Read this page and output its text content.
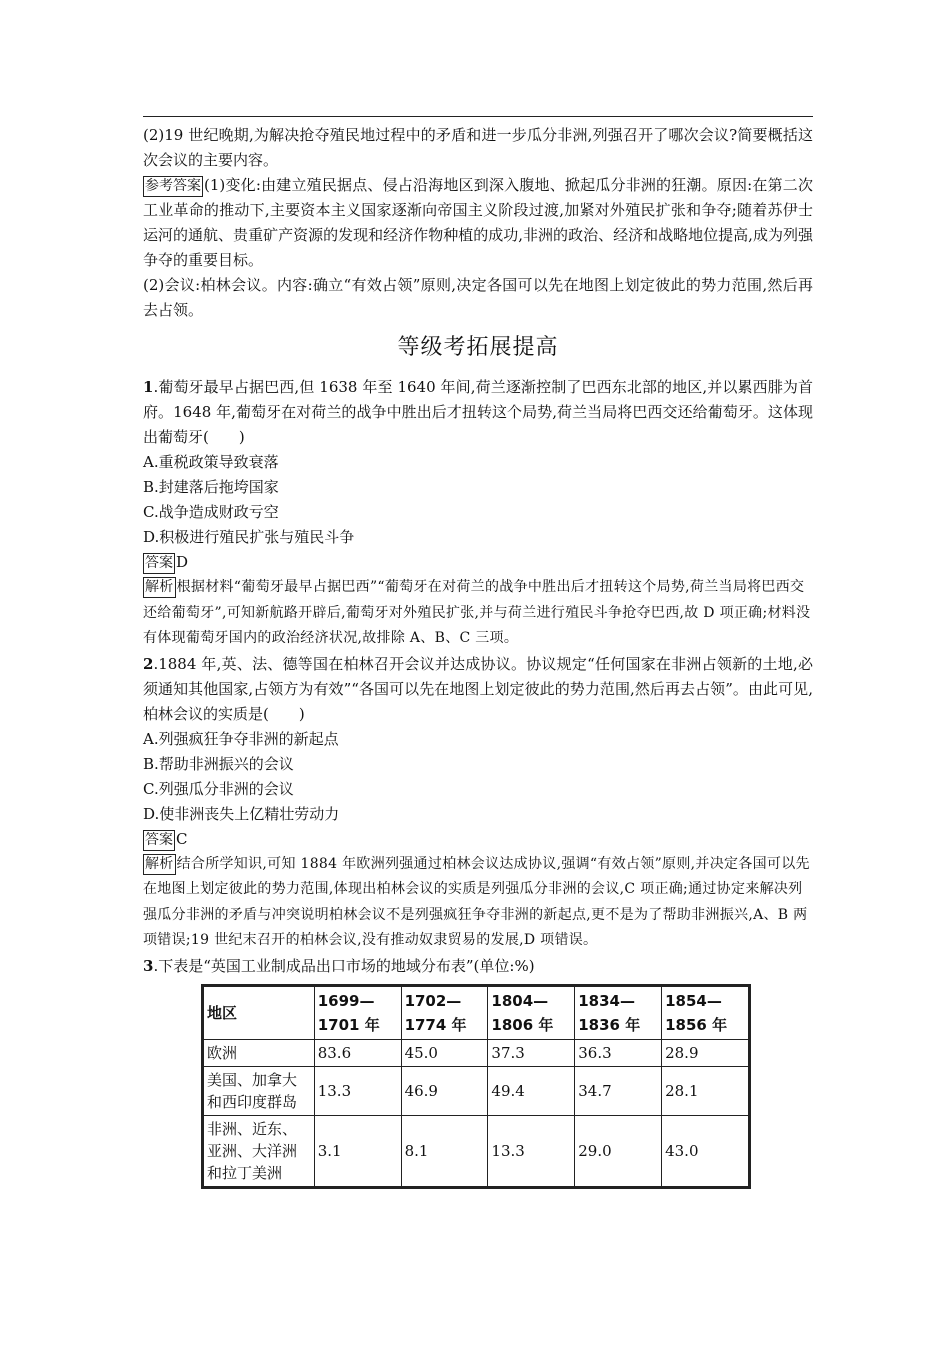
(2)19 世纪晚期,为解决抢夺殖民地过程中的矛盾和进一步瓜分非洲,列强召开了哪次会议?简要概括这次会议的主要内容。

参考答案 (1)变化:由建立殖民据点、侵占沿海地区到深入腹地、掀起瓜分非洲的狂潮。原因:在第二次工业革命的推动下,主要资本主义国家逐渐向帝国主义阶段过渡,加紧对外殖民扩张和争夺;随着苏伊士运河的通航、贵重矿产资源的发现和经济作物种植的成功,非洲的政治、经济和战略地位提高,成为列强争夺的重要目标。

(2)会议:柏林会议。内容:确立“有效占领”原则,决定各国可以先在地图上划定彼此的势力范围,然后再去占领。

等级考拓展提高

1.葡萄牙最早占据巴西,但 1638 年至 1640 年间,荷兰逐渐控制了巴西东北部的地区,并以累西腓为首府。1648 年,葡萄牙在对荷兰的战争中胜出后才扭转这个局势,荷兰当局将巴西交还给葡萄牙。这体现出葡萄牙(　　)

A.重税政策导致衰落

B.封建落后拖垮国家

C.战争造成财政亏空

D.积极进行殖民扩张与殖民斗争

答案 D

解析 根据材料“葡萄牙最早占据巴西”“葡萄牙在对荷兰的战争中胜出后才扭转这个局势,荷兰当局将巴西交还给葡萄牙”,可知新航路开辟后,葡萄牙对外殖民扩张,并与荷兰进行殖民斗争抢夺巴西,故 D 项正确;材料没有体现葡萄牙国内的政治经济状况,故排除 A、B、C 三项。

2.1884 年,英、法、德等国在柏林召开会议并达成协议。协议规定“任何国家在非洲占领新的土地,必须通知其他国家,占领方为有效”“各国可以先在地图上划定彼此的势力范围,然后再去占领”。由此可见,柏林会议的实质是(　　)

A.列强疯狂争夺非洲的新起点

B.帮助非洲振兴的会议

C.列强瓜分非洲的会议

D.使非洲丧失上亿精壮劳动力

答案 C

解析 结合所学知识,可知 1884 年欧洲列强通过柏林会议达成协议,强调“有效占领”原则,并决定各国可以先在地图上划定彼此的势力范围,体现出柏林会议的实质是列强瓜分非洲的会议,C 项正确;通过协定来解决列强瓜分非洲的矛盾与冲突说明柏林会议不是列强疯狂争夺非洲的新起点,更不是为了帮助非洲振兴,A、B 两项错误;19 世纪末召开的柏林会议,没有推动奴隶贸易的发展,D 项错误。

3.下表是“英国工业制成品出口市场的地域分布表”(单位:%)

地区	1699—1701 年	1702—1774 年	1804—1806 年	1834—1836 年	1854—1856 年
欧洲	83.6	45.0	37.3	36.3	28.9
美国、加拿大和西印度群岛	13.3	46.9	49.4	34.7	28.1
非洲、近东、亚洲、大洋洲和拉丁美洲	3.1	8.1	13.3	29.0	43.0
